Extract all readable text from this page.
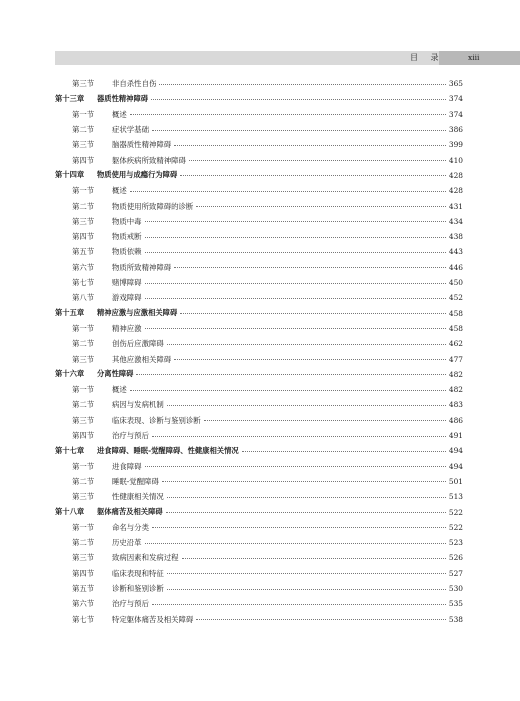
目 录	xiii
第三节 非自杀性自伤	365
第十三章 器质性精神障碍	374
第一节 概述	374
第二节 症状学基础	386
第三节 脑器质性精神障碍	399
第四节 躯体疾病所致精神障碍	410
第十四章 物质使用与成瘾行为障碍	428
第一节 概述	428
第二节 物质使用所致障碍的诊断	431
第三节 物质中毒	434
第四节 物质戒断	438
第五节 物质依赖	443
第六节 物质所致精神障碍	446
第七节 赌博障碍	450
第八节 游戏障碍	452
第十五章 精神应激与应激相关障碍	458
第一节 精神应激	458
第二节 创伤后应激障碍	462
第三节 其他应激相关障碍	477
第十六章 分离性障碍	482
第一节 概述	482
第二节 病因与发病机制	483
第三节 临床表现、诊断与鉴别诊断	486
第四节 治疗与预后	491
第十七章 进食障碍、睡眠-觉醒障碍、性健康相关情况	494
第一节 进食障碍	494
第二节 睡眠-觉醒障碍	501
第三节 性健康相关情况	513
第十八章 躯体痛苦及相关障碍	522
第一节 命名与分类	522
第二节 历史沿革	523
第三节 致病因素和发病过程	526
第四节 临床表现和特征	527
第五节 诊断和鉴别诊断	530
第六节 治疗与预后	535
第七节 特定躯体痛苦及相关障碍	538
